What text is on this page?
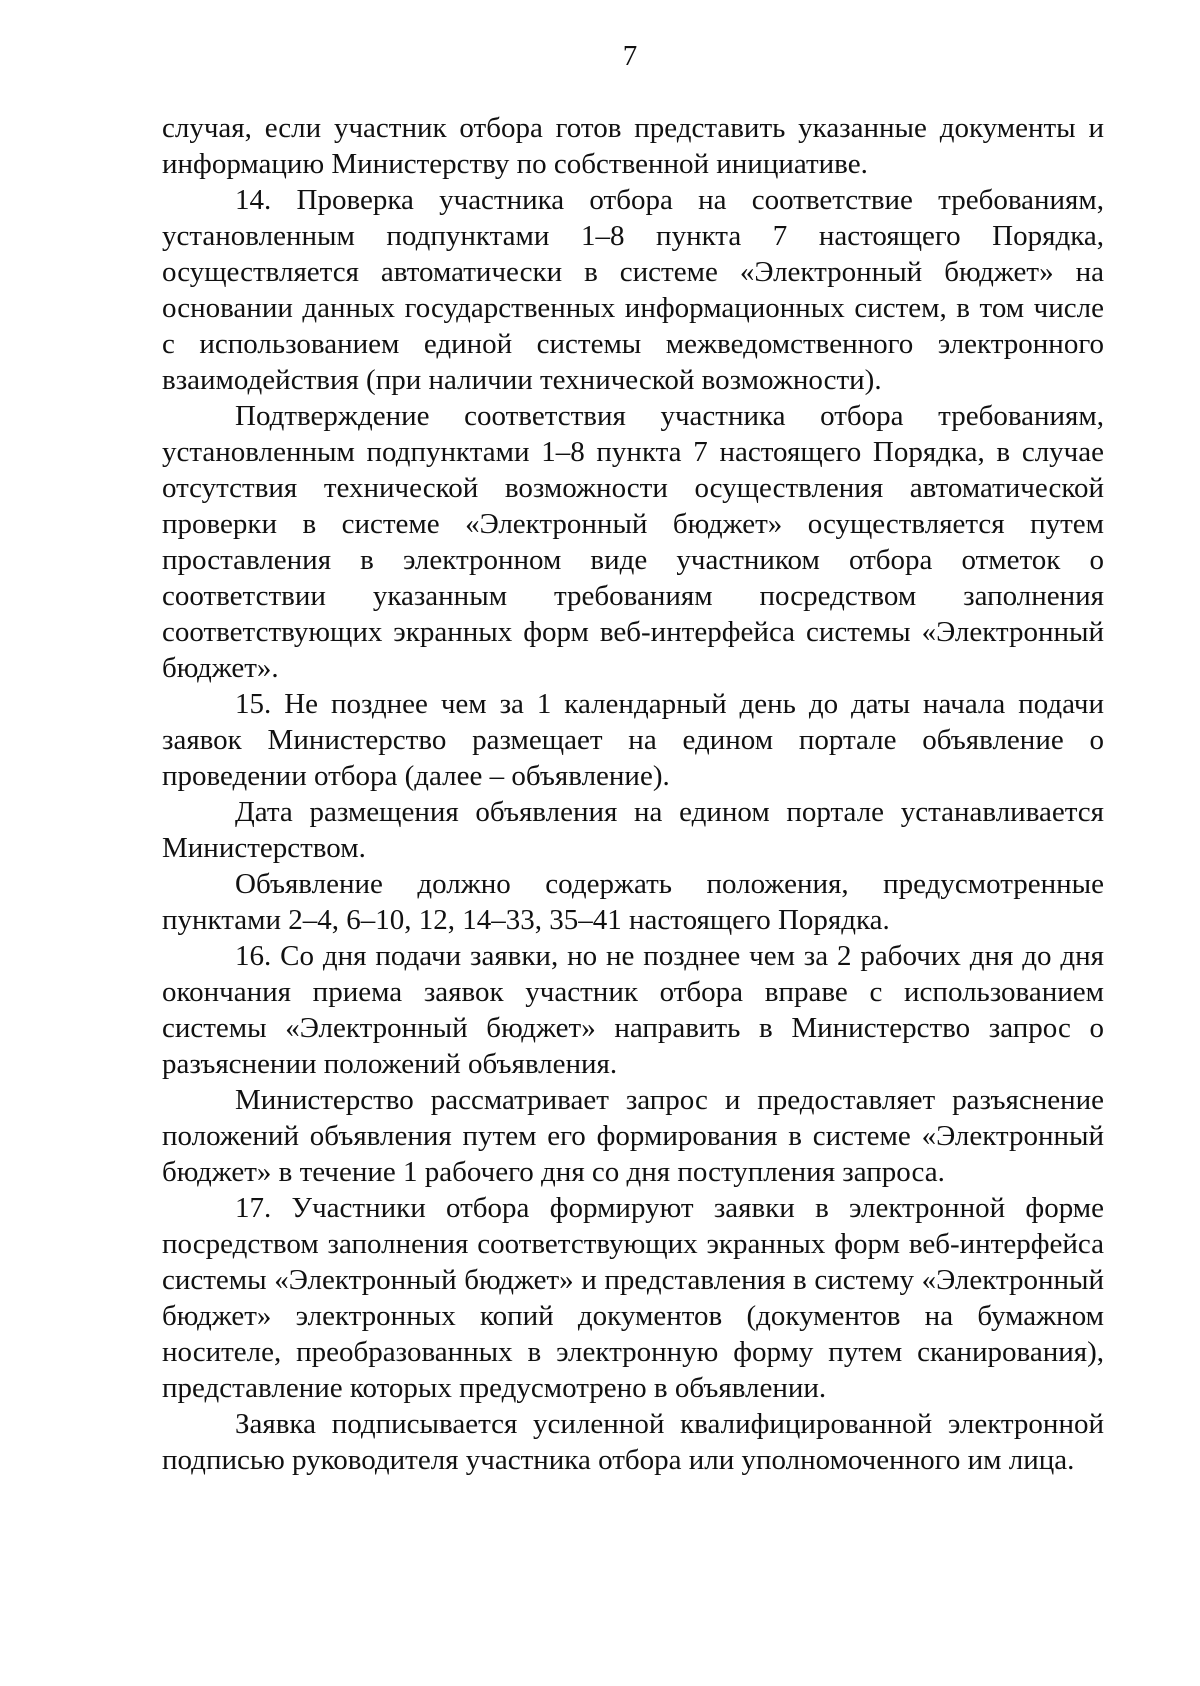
7

случая, если участник отбора готов представить указанные документы и информацию Министерству по собственной инициативе.

14. Проверка участника отбора на соответствие требованиям, установленным подпунктами 1–8 пункта 7 настоящего Порядка, осуществляется автоматически в системе «Электронный бюджет» на основании данных государственных информационных систем, в том числе с использованием единой системы межведомственного электронного взаимодействия (при наличии технической возможности).

Подтверждение соответствия участника отбора требованиям, установленным подпунктами 1–8 пункта 7 настоящего Порядка, в случае отсутствия технической возможности осуществления автоматической проверки в системе «Электронный бюджет» осуществляется путем проставления в электронном виде участником отбора отметок о соответствии указанным требованиям посредством заполнения соответствующих экранных форм веб-интерфейса системы «Электронный бюджет».

15. Не позднее чем за 1 календарный день до даты начала подачи заявок Министерство размещает на едином портале объявление о проведении отбора (далее – объявление).

Дата размещения объявления на едином портале устанавливается Министерством.

Объявление должно содержать положения, предусмотренные пунктами 2–4, 6–10, 12, 14–33, 35–41 настоящего Порядка.

16. Со дня подачи заявки, но не позднее чем за 2 рабочих дня до дня окончания приема заявок участник отбора вправе с использованием системы «Электронный бюджет» направить в Министерство запрос о разъяснении положений объявления.

Министерство рассматривает запрос и предоставляет разъяснение положений объявления путем его формирования в системе «Электронный бюджет» в течение 1 рабочего дня со дня поступления запроса.

17. Участники отбора формируют заявки в электронной форме посредством заполнения соответствующих экранных форм веб-интерфейса системы «Электронный бюджет» и представления в систему «Электронный бюджет» электронных копий документов (документов на бумажном носителе, преобразованных в электронную форму путем сканирования), представление которых предусмотрено в объявлении.

Заявка подписывается усиленной квалифицированной электронной подписью руководителя участника отбора или уполномоченного им лица.
